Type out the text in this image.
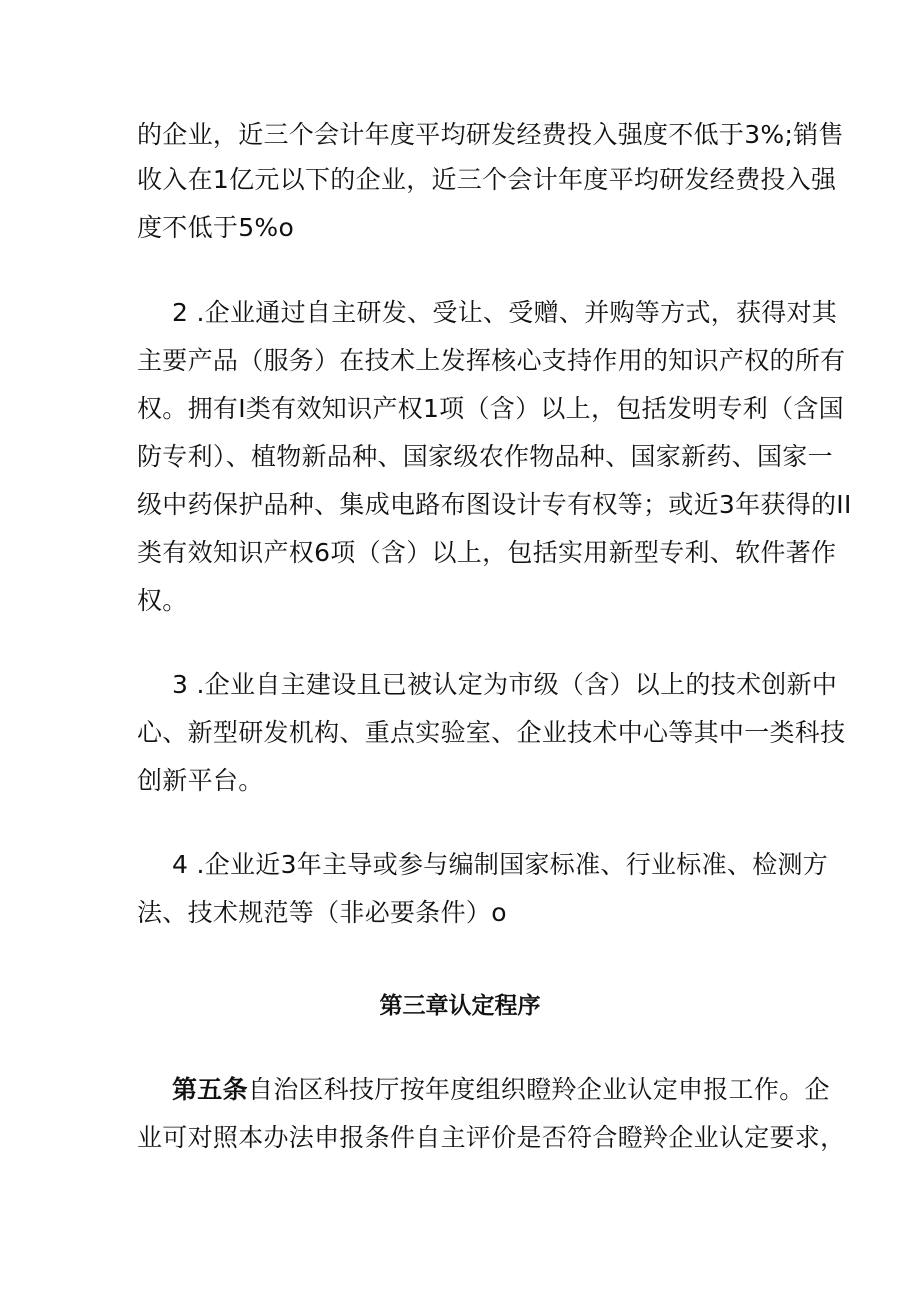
的企业，近三个会计年度平均研发经费投入强度不低于3%;销售

收入在1亿元以下的企业，近三个会计年度平均研发经费投入强

度不低于5%o

2 .企业通过自主研发、受让、受赠、并购等方式，获得对其

主要产品（服务）在技术上发挥核心支持作用的知识产权的所有

权。拥有I类有效知识产权1项（含）以上，包括发明专利（含国

防专利）、植物新品种、国家级农作物品种、国家新药、国家一

级中药保护品种、集成电路布图设计专有权等；或近3年获得的II

类有效知识产权6项（含）以上，包括实用新型专利、软件著作

权。

3 .企业自主建设且已被认定为市级（含）以上的技术创新中

心、新型研发机构、重点实验室、企业技术中心等其中一类科技

创新平台。

4 .企业近3年主导或参与编制国家标准、行业标准、检测方

法、技术规范等（非必要条件）o

第三章认定程序

第五条自治区科技厅按年度组织瞪羚企业认定申报工作。企

业可对照本办法申报条件自主评价是否符合瞪羚企业认定要求，
